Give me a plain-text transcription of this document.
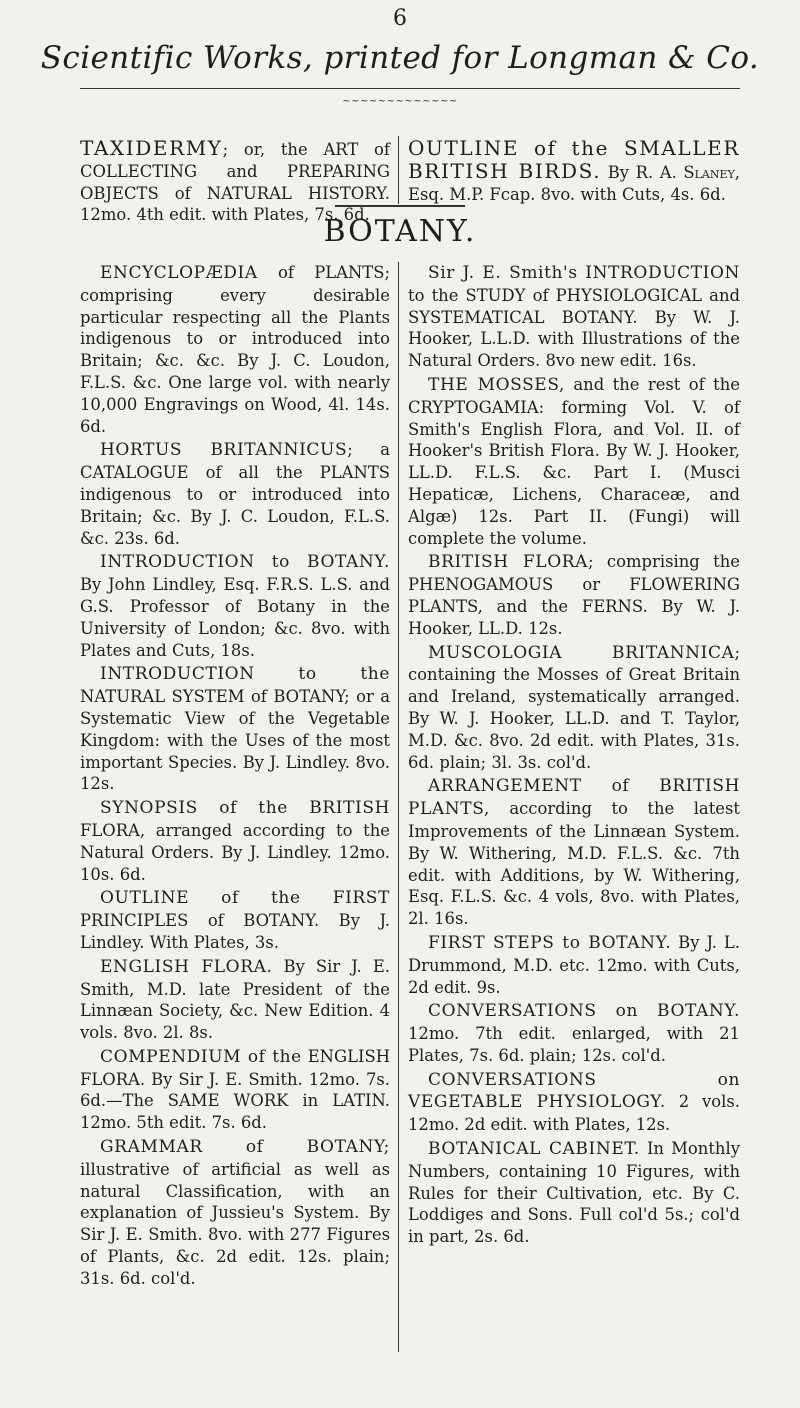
6
Scientific Works, printed for Longman & Co.
~~~~~~~~~~~~~

TAXIDERMY; or, the ART of COLLECTING and PREPARING OBJECTS of NATURAL HISTORY. 12mo. 4th edit. with Plates, 7s. 6d.

OUTLINE of the SMALLER BRITISH BIRDS. By R. A. Slaney, Esq. M.P. Fcap. 8vo. with Cuts, 4s. 6d.

BOTANY.

ENCYCLOPÆDIA of PLANTS; comprising every desirable particular respecting all the Plants indigenous to or introduced into Britain; &c. &c. By J. C. Loudon, F.L.S. &c. One large vol. with nearly 10,000 Engravings on Wood, 4l. 14s. 6d.

HORTUS BRITANNICUS; a CATALOGUE of all the PLANTS indigenous to or introduced into Britain; &c. By J. C. Loudon, F.L.S. &c. 23s. 6d.

INTRODUCTION to BOTANY. By John Lindley, Esq. F.R.S. L.S. and G.S. Professor of Botany in the University of London; &c. 8vo. with Plates and Cuts, 18s.

INTRODUCTION to the NATURAL SYSTEM of BOTANY; or a Systematic View of the Vegetable Kingdom: with the Uses of the most important Species. By J. Lindley. 8vo. 12s.

SYNOPSIS of the BRITISH FLORA, arranged according to the Natural Orders. By J. Lindley. 12mo. 10s. 6d.

OUTLINE of the FIRST PRINCIPLES of BOTANY. By J. Lindley. With Plates, 3s.

ENGLISH FLORA. By Sir J. E. Smith, M.D. late President of the Linnæan Society, &c. New Edition. 4 vols. 8vo. 2l. 8s.

COMPENDIUM of the ENGLISH FLORA. By Sir J. E. Smith. 12mo. 7s. 6d.—The SAME WORK in LATIN. 12mo. 5th edit. 7s. 6d.

GRAMMAR of BOTANY; illustrative of artificial as well as natural Classification, with an explanation of Jussieu's System. By Sir J. E. Smith. 8vo. with 277 Figures of Plants, &c. 2d edit. 12s. plain; 31s. 6d. col'd.

Sir J. E. Smith's INTRODUCTION to the STUDY of PHYSIOLOGICAL and SYSTEMATICAL BOTANY. By W. J. Hooker, L.L.D. with Illustrations of the Natural Orders. 8vo new edit. 16s.

THE MOSSES, and the rest of the CRYPTOGAMIA: forming Vol. V. of Smith's English Flora, and Vol. II. of Hooker's British Flora. By W. J. Hooker, LL.D. F.L.S. &c. Part I. (Musci Hepaticæ, Lichens, Characeæ, and Algæ) 12s. Part II. (Fungi) will complete the volume.

BRITISH FLORA; comprising the PHENOGAMOUS or FLOWERING PLANTS, and the FERNS. By W. J. Hooker, LL.D. 12s.

MUSCOLOGIA BRITANNICA; containing the Mosses of Great Britain and Ireland, systematically arranged. By W. J. Hooker, LL.D. and T. Taylor, M.D. &c. 8vo. 2d edit. with Plates, 31s. 6d. plain; 3l. 3s. col'd.

ARRANGEMENT of BRITISH PLANTS, according to the latest Improvements of the Linnæan System. By W. Withering, M.D. F.L.S. &c. 7th edit. with Additions, by W. Withering, Esq. F.L.S. &c. 4 vols, 8vo. with Plates, 2l. 16s.

FIRST STEPS to BOTANY. By J. L. Drummond, M.D. etc. 12mo. with Cuts, 2d edit. 9s.

CONVERSATIONS on BOTANY. 12mo. 7th edit. enlarged, with 21 Plates, 7s. 6d. plain; 12s. col'd.

CONVERSATIONS on VEGETABLE PHYSIOLOGY. 2 vols. 12mo. 2d edit. with Plates, 12s.

BOTANICAL CABINET. In Monthly Numbers, containing 10 Figures, with Rules for their Cultivation, etc. By C. Loddiges and Sons. Full col'd 5s.; col'd in part, 2s. 6d.
